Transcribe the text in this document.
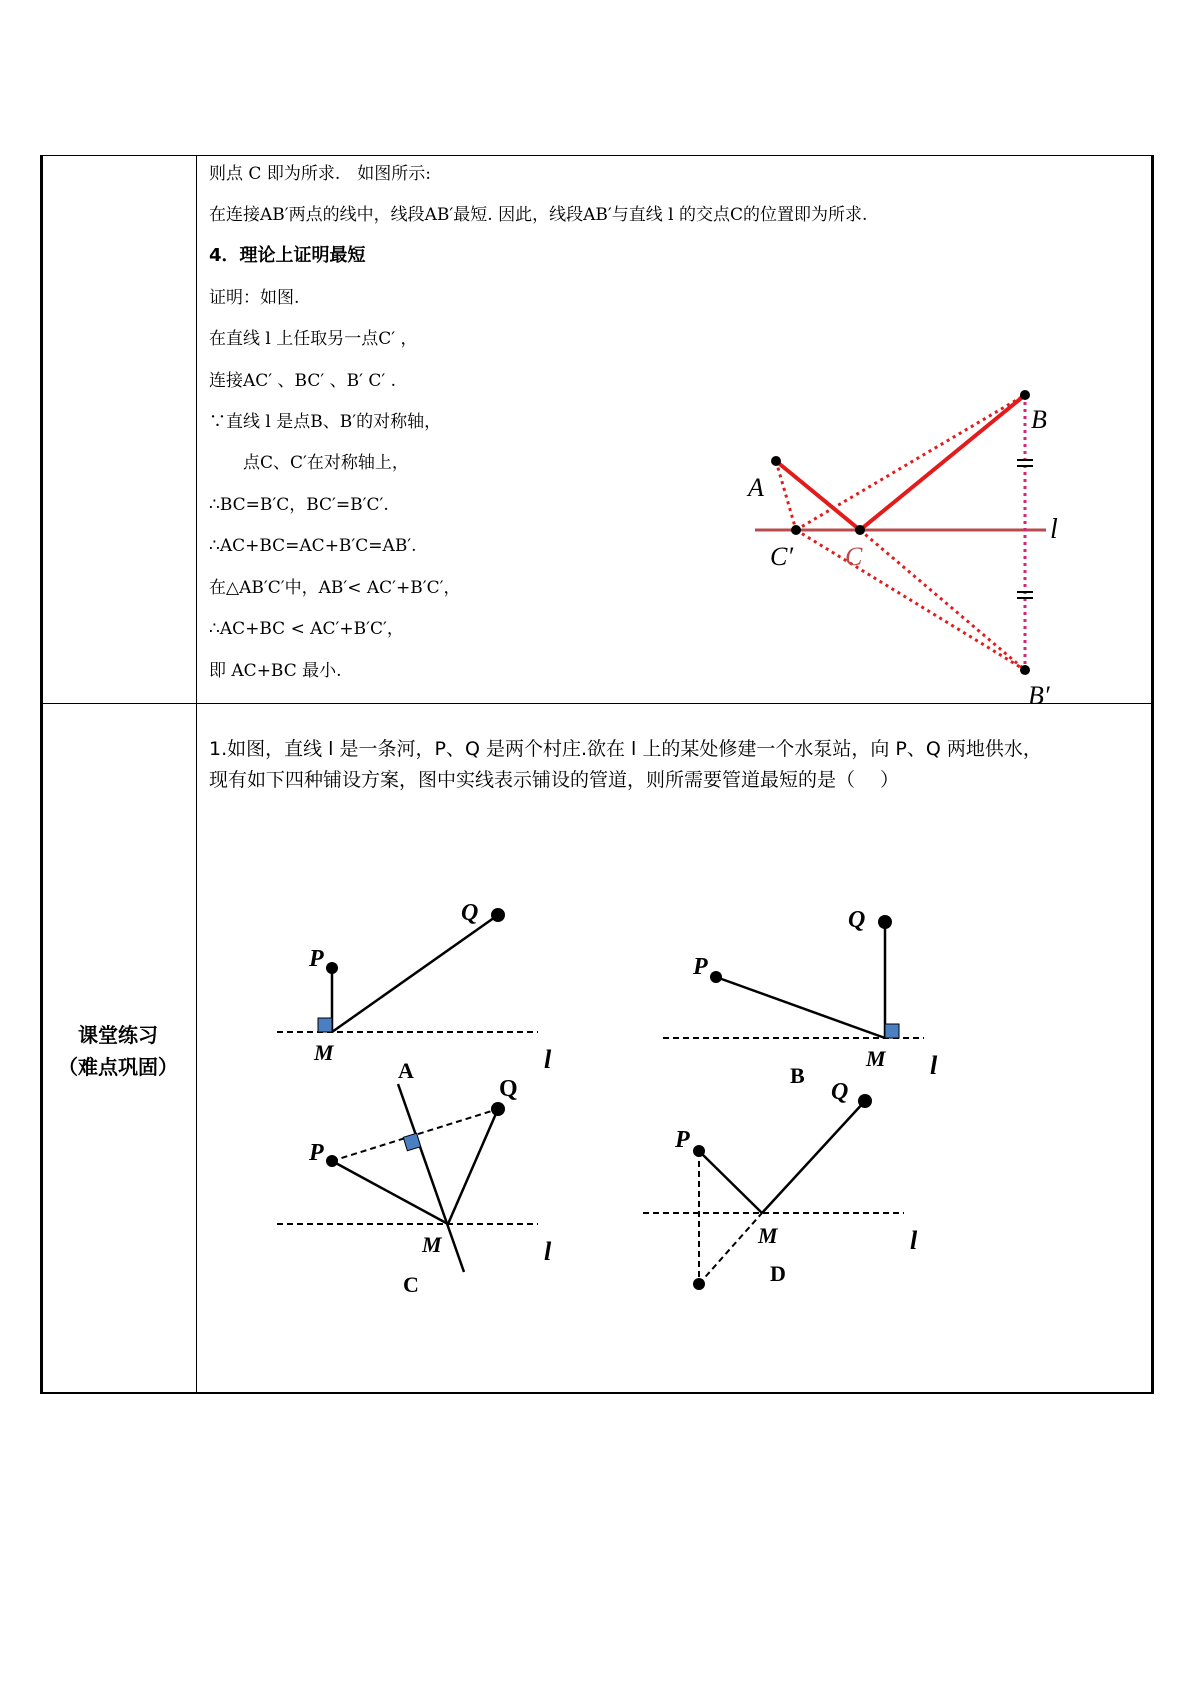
则点 C 即为所求.　如图所示:
在连接AB′两点的线中，线段AB′最短. 因此，线段AB′与直线 l 的交点C的位置即为所求.
4．理论上证明最短
证明：如图.
在直线 l 上任取另一点C′ ，
连接AC′ 、BC′ 、B′ C′ .
∵直线 l 是点B、B′的对称轴，
　　点C、C′在对称轴上，
∴BC=B′C，BC′=B′C′.
∴AC+BC=AC+B′C=AB′.
在△AB′C′中，AB′< AC′+B′C′，
∴AC+BC < AC′+B′C′，
即 AC+BC 最小.
A
B
B′
C′ C
l
课堂练习
（难点巩固）
1.如图，直线 l 是一条河，P、Q 是两个村庄.欲在 l 上的某处修建一个水泵站，向 P、Q 两地供水，
现有如下四种铺设方案，图中实线表示铺设的管道，则所需要管道最短的是（　 ）
P
Q
M	l
A
P
Q
M l
B
P
Q
M	l
C
P
Q
M	l
D
